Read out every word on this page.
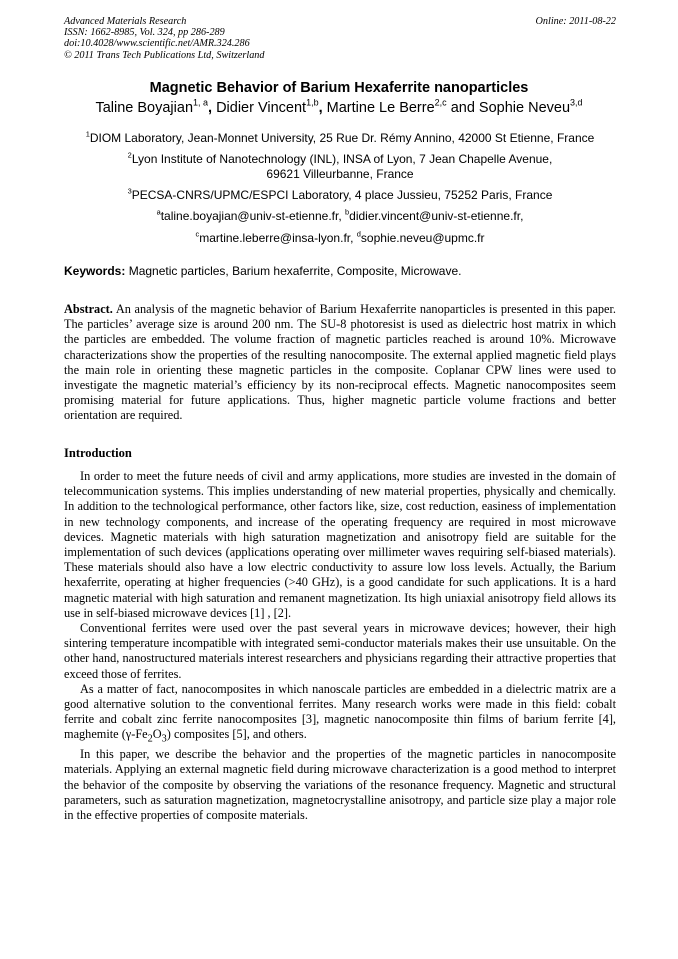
Advanced Materials Research
ISSN: 1662-8985, Vol. 324, pp 286-289
doi:10.4028/www.scientific.net/AMR.324.286
© 2011 Trans Tech Publications Ltd, Switzerland
Online: 2011-08-22
Magnetic Behavior of Barium Hexaferrite nanoparticles
Taline Boyajian$^{1, a}$, Didier Vincent$^{1,b}$, Martine Le Berre$^{2,c}$ and Sophie Neveu$^{3,d}$
$^1$DIOM Laboratory, Jean-Monnet University, 25 Rue Dr. Rémy Annino, 42000 St Etienne, France
$^2$Lyon Institute of Nanotechnology (INL), INSA of Lyon, 7 Jean Chapelle Avenue, 69621 Villeurbanne, France
$^3$PECSA-CNRS/UPMC/ESPCI Laboratory, 4 place Jussieu, 75252 Paris, France
$^a$taline.boyajian@univ-st-etienne.fr, $^b$didier.vincent@univ-st-etienne.fr,
$^c$martine.leberre@insa-lyon.fr, $^d$sophie.neveu@upmc.fr
Keywords: Magnetic particles, Barium hexaferrite, Composite, Microwave.

Abstract. An analysis of the magnetic behavior of Barium Hexaferrite nanoparticles is presented in this paper. The particles’ average size is around 200 nm. The SU-8 photoresist is used as dielectric host matrix in which the particles are embedded. The volume fraction of magnetic particles reached is around 10%. Microwave characterizations show the properties of the resulting nanocomposite. The external applied magnetic field plays the main role in orienting these magnetic particles in the composite. Coplanar CPW lines were used to investigate the magnetic material’s efficiency by its non-reciprocal effects. Magnetic nanocomposites seem promising material for future applications. Thus, higher magnetic particle volume fractions and better orientation are required.

Introduction

In order to meet the future needs of civil and army applications, more studies are invested in the domain of telecommunication systems. This implies understanding of new material properties, physically and chemically. In addition to the technological performance, other factors like, size, cost reduction, easiness of implementation in new technology components, and increase of the operating frequency are required in most microwave devices. Magnetic materials with high saturation magnetization and anisotropy field are suitable for the implementation of such devices (applications operating over millimeter waves requiring self-biased materials). These materials should also have a low electric conductivity to assure low loss levels. Actually, the Barium hexaferrite, operating at higher frequencies (>40 GHz), is a good candidate for such applications. It is a hard magnetic material with high saturation and remanent magnetization. Its high uniaxial anisotropy field allows its use in self-biased microwave devices [1] , [2].

Conventional ferrites were used over the past several years in microwave devices; however, their high sintering temperature incompatible with integrated semi-conductor materials makes their use unsuitable. On the other hand, nanostructured materials interest researchers and physicians regarding their attractive properties that exceed those of ferrites.

As a matter of fact, nanocomposites in which nanoscale particles are embedded in a dielectric matrix are a good alternative solution to the conventional ferrites. Many research works were made in this field: cobalt ferrite and cobalt zinc ferrite nanocomposites [3], magnetic nanocomposite thin films of barium ferrite [4], maghemite $(\gamma-Fe_2O_3)$ composites [5], and others.

In this paper, we describe the behavior and the properties of the magnetic particles in nanocomposite materials. Applying an external magnetic field during microwave characterization is a good method to interpret the behavior of the composite by observing the variations of the resonance frequency. Magnetic and structural parameters, such as saturation magnetization, magnetocrystalline anisotropy, and particle size play a major role in the effective properties of composite materials.
